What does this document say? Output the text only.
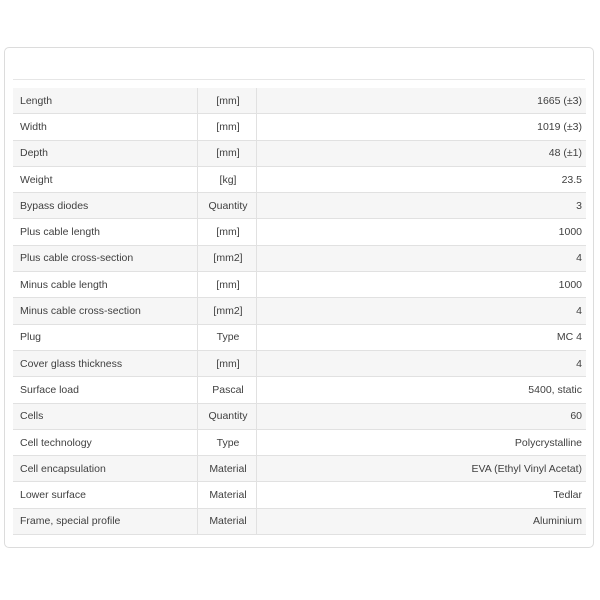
Length	[mm]	1665 (±3)
Width	[mm]	1019 (±3)
Depth	[mm]	48 (±1)
Weight	[kg]	23.5
Bypass diodes	Quantity	3
Plus cable length	[mm]	1000
Plus cable cross-section	[mm2]	4
Minus cable length	[mm]	1000
Minus cable cross-section	[mm2]	4
Plug	Type	MC 4
Cover glass thickness	[mm]	4
Surface load	Pascal	5400, static
Cells	Quantity	60
Cell technology	Type	Polycrystalline
Cell encapsulation	Material	EVA (Ethyl Vinyl Acetat)
Lower surface	Material	Tedlar
Frame, special profile	Material	Aluminium
